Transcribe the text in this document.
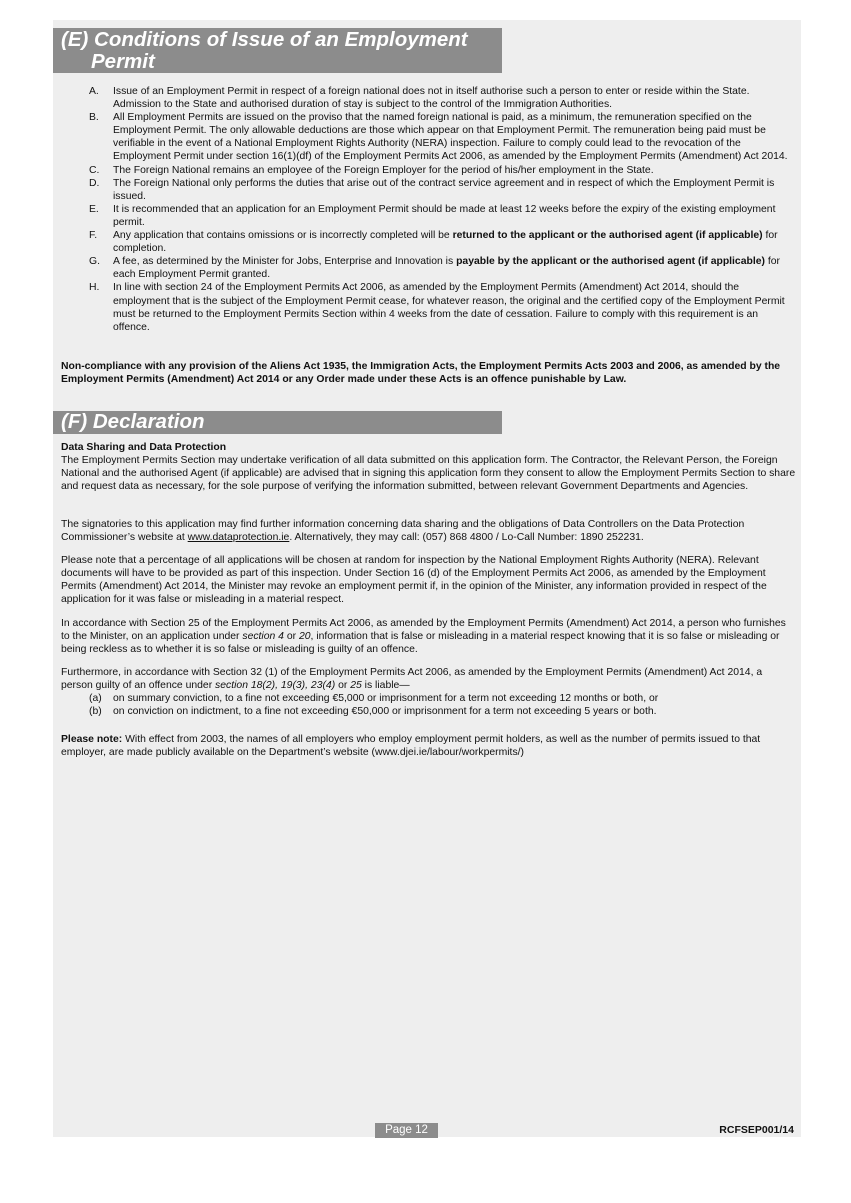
(E) Conditions of Issue of an Employment
Permit
A. Issue of an Employment Permit in respect of a foreign national does not in itself authorise such a person to enter or reside within the State. Admission to the State and authorised duration of stay is subject to the control of the Immigration Authorities.
B. All Employment Permits are issued on the proviso that the named foreign national is paid, as a minimum, the remuneration specified on the Employment Permit. The only allowable deductions are those which appear on that Employment Permit. The remuneration being paid must be verifiable in the event of a National Employment Rights Authority (NERA) inspection. Failure to comply could lead to the revocation of the Employment Permit under section 16(1)(df) of the Employment Permits Act 2006, as amended by the Employment Permits (Amendment) Act 2014.
C. The Foreign National remains an employee of the Foreign Employer for the period of his/her employment in the State.
D. The Foreign National only performs the duties that arise out of the contract service agreement and in respect of which the Employment Permit is issued.
E. It is recommended that an application for an Employment Permit should be made at least 12 weeks before the expiry of the existing employment permit.
F. Any application that contains omissions or is incorrectly completed will be returned to the applicant or the authorised agent (if applicable) for completion.
G. A fee, as determined by the Minister for Jobs, Enterprise and Innovation is payable by the applicant or the authorised agent (if applicable) for each Employment Permit granted.
H. In line with section 24 of the Employment Permits Act 2006, as amended by the Employment Permits (Amendment) Act 2014, should the employment that is the subject of the Employment Permit cease, for whatever reason, the original and the certified copy of the Employment Permit must be returned to the Employment Permits Section within 4 weeks from the date of cessation. Failure to comply with this requirement is an offence.

Non-compliance with any provision of the Aliens Act 1935, the Immigration Acts, the Employment Permits Acts 2003 and 2006, as amended by the Employment Permits (Amendment) Act 2014 or any Order made under these Acts is an offence punishable by Law.

(F) Declaration

Data Sharing and Data Protection
The Employment Permits Section may undertake verification of all data submitted on this application form. The Contractor, the Relevant Person, the Foreign National and the authorised Agent (if applicable) are advised that in signing this application form they consent to allow the Employment Permits Section to share and request data as necessary, for the sole purpose of verifying the information submitted, between relevant Government Departments and Agencies.

The signatories to this application may find further information concerning data sharing and the obligations of Data Controllers on the Data Protection Commissioner’s website at www.dataprotection.ie. Alternatively, they may call: (057) 868 4800 / Lo-Call Number: 1890 252231.

Please note that a percentage of all applications will be chosen at random for inspection by the National Employment Rights Authority (NERA). Relevant documents will have to be provided as part of this inspection. Under Section 16 (d) of the Employment Permits Act 2006, as amended by the Employment Permits (Amendment) Act 2014, the Minister may revoke an employment permit if, in the opinion of the Minister, any information provided in respect of the application for it was false or misleading in a material respect.

In accordance with Section 25 of the Employment Permits Act 2006, as amended by the Employment Permits (Amendment) Act 2014, a person who furnishes to the Minister, on an application under section 4 or 20, information that is false or misleading in a material respect knowing that it is so false or misleading or being reckless as to whether it is so false or misleading is guilty of an offence.

Furthermore, in accordance with Section 32 (1) of the Employment Permits Act 2006, as amended by the Employment Permits (Amendment) Act 2014, a person guilty of an offence under section 18(2), 19(3), 23(4) or 25 is liable—
(a) on summary conviction, to a fine not exceeding €5,000 or imprisonment for a term not exceeding 12 months or both, or
(b) on conviction on indictment, to a fine not exceeding €50,000 or imprisonment for a term not exceeding 5 years or both.

Please note: With effect from 2003, the names of all employers who employ employment permit holders, as well as the number of permits issued to that employer, are made publicly available on the Department’s website (www.djei.ie/labour/workpermits/)

Page 12	RCFSEP001/14
